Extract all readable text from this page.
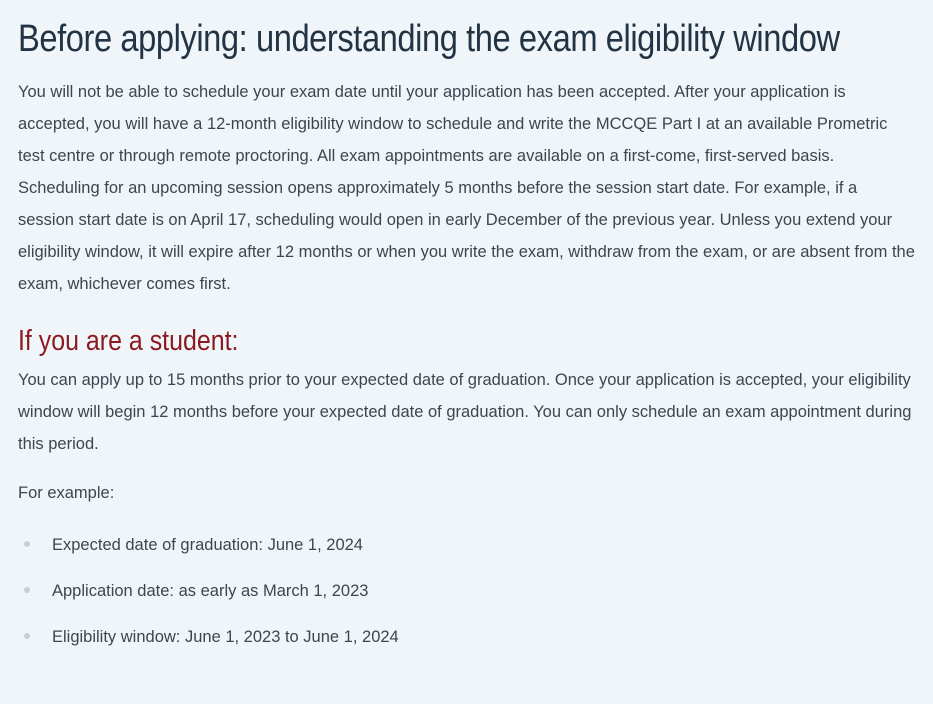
Before applying: understanding the exam eligibility window

You will not be able to schedule your exam date until your application has been accepted. After your application is accepted, you will have a 12-month eligibility window to schedule and write the MCCQE Part I at an available Prometric test centre or through remote proctoring. All exam appointments are available on a first-come, first-served basis. Scheduling for an upcoming session opens approximately 5 months before the session start date. For example, if a session start date is on April 17, scheduling would open in early December of the previous year. Unless you extend your eligibility window, it will expire after 12 months or when you write the exam, withdraw from the exam, or are absent from the exam, whichever comes first.

If you are a student:

You can apply up to 15 months prior to your expected date of graduation. Once your application is accepted, your eligibility window will begin 12 months before your expected date of graduation. You can only schedule an exam appointment during this period.

For example:

Expected date of graduation: June 1, 2024
Application date: as early as March 1, 2023
Eligibility window: June 1, 2023 to June 1, 2024
